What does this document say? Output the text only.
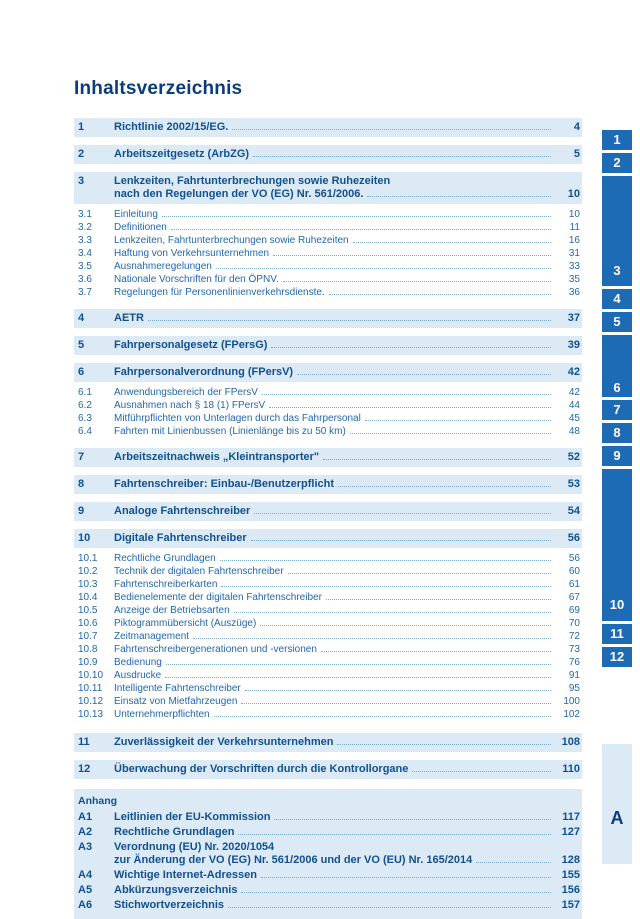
Inhaltsverzeichnis
1	Richtlinie 2002/15/EG.	4
2	Arbeitszeitgesetz (ArbZG)	5
3	Lenkzeiten, Fahrtunterbrechungen sowie Ruhezeiten
nach den Regelungen der VO (EG) Nr. 561/2006.	10
3.1	Einleitung	10
3.2	Definitionen	11
3.3	Lenkzeiten, Fahrtunterbrechungen sowie Ruhezeiten	16
3.4	Haftung von Verkehrsunternehmen	31
3.5	Ausnahmeregelungen	33
3.6	Nationale Vorschriften für den ÖPNV.	35
3.7	Regelungen für Personenlinienverkehrsdienste.	36
4	AETR	37
5	Fahrpersonalgesetz (FPersG)	39
6	Fahrpersonalverordnung (FPersV)	42
6.1	Anwendungsbereich der FPersV	42
6.2	Ausnahmen nach § 18 (1) FPersV	44
6.3	Mitführpflichten von Unterlagen durch das Fahrpersonal	45
6.4	Fahrten mit Linienbussen (Linienlänge bis zu 50 km)	48
7	Arbeitszeitnachweis „Kleintransporter"	52
8	Fahrtenschreiber: Einbau-/Benutzerpflicht	53
9	Analoge Fahrtenschreiber	54
10	Digitale Fahrtenschreiber	56
10.1	Rechtliche Grundlagen	56
10.2	Technik der digitalen Fahrtenschreiber	60
10.3	Fahrtenschreiberkarten	61
10.4	Bedienelemente der digitalen Fahrtenschreiber	67
10.5	Anzeige der Betriebsarten	69
10.6	Piktogrammübersicht (Auszüge)	70
10.7	Zeitmanagement	72
10.8	Fahrtenschreibergenerationen und -versionen	73
10.9	Bedienung	76
10.10	Ausdrucke	91
10.11	Intelligente Fahrtenschreiber	95
10.12	Einsatz von Mietfahrzeugen	100
10.13	Unternehmerpflichten	102
11	Zuverlässigkeit der Verkehrsunternehmen	108
12	Überwachung der Vorschriften durch die Kontrollorgane	110
Anhang
A1	Leitlinien der EU-Kommission	117
A2	Rechtliche Grundlagen	127
A3	Verordnung (EU) Nr. 2020/1054
zur Änderung der VO (EG) Nr. 561/2006 und der VO (EU) Nr. 165/2014	128
A4	Wichtige Internet-Adressen	155
A5	Abkürzungsverzeichnis	156
A6	Stichwortverzeichnis	157
1
2
3
4
5
6
7
8
9
10
11
12
A
